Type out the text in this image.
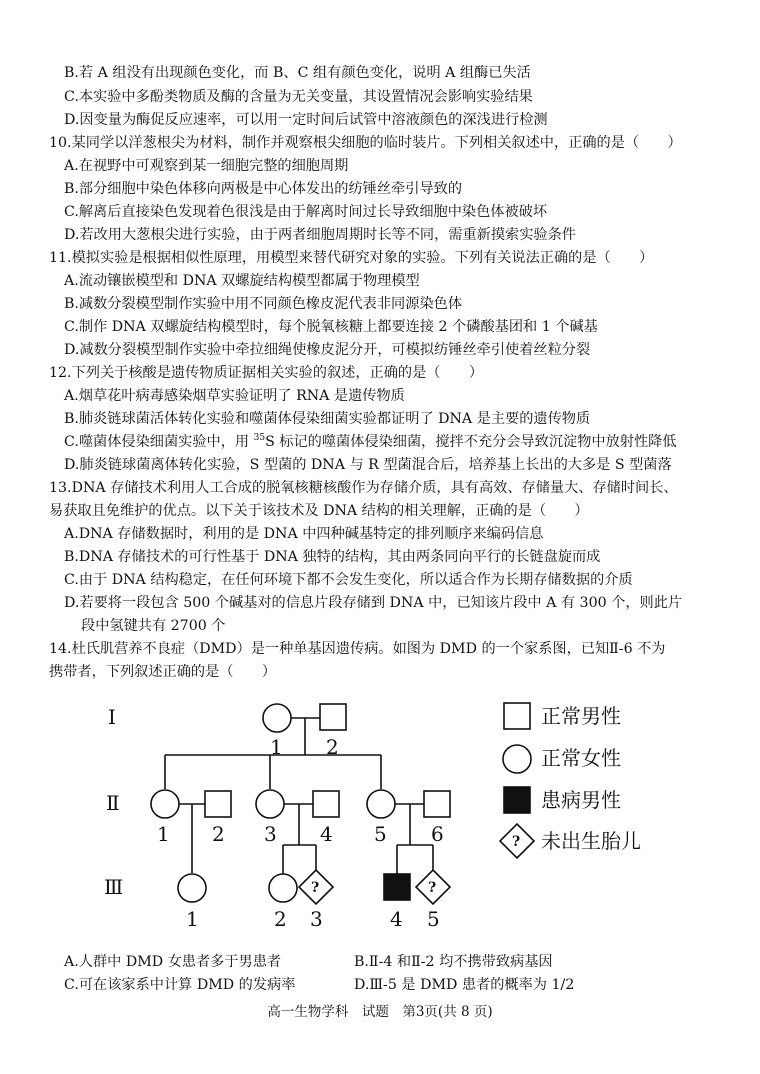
B.若 A 组没有出现颜色变化，而 B、C 组有颜色变化，说明 A 组酶已失活
C.本实验中多酚类物质及酶的含量为无关变量，其设置情况会影响实验结果
D.因变量为酶促反应速率，可以用一定时间后试管中溶液颜色的深浅进行检测
10.某同学以洋葱根尖为材料，制作并观察根尖细胞的临时装片。下列相关叙述中，正确的是（　　）
A.在视野中可观察到某一细胞完整的细胞周期
B.部分细胞中染色体移向两极是中心体发出的纺锤丝牵引导致的
C.解离后直接染色发现着色很浅是由于解离时间过长导致细胞中染色体被破坏
D.若改用大葱根尖进行实验，由于两者细胞周期时长等不同，需重新摸索实验条件
11.模拟实验是根据相似性原理，用模型来替代研究对象的实验。下列有关说法正确的是（　　）
A.流动镶嵌模型和 DNA 双螺旋结构模型都属于物理模型
B.减数分裂模型制作实验中用不同颜色橡皮泥代表非同源染色体
C.制作 DNA 双螺旋结构模型时，每个脱氧核糖上都要连接 2 个磷酸基团和 1 个碱基
D.减数分裂模型制作实验中牵拉细绳使橡皮泥分开，可模拟纺锤丝牵引使着丝粒分裂
12.下列关于核酸是遗传物质证据相关实验的叙述，正确的是（　　）
A.烟草花叶病毒感染烟草实验证明了 RNA 是遗传物质
B.肺炎链球菌活体转化实验和噬菌体侵染细菌实验都证明了 DNA 是主要的遗传物质
C.噬菌体侵染细菌实验中，用 $^{35}$S 标记的噬菌体侵染细菌，搅拌不充分会导致沉淀物中放射性降低
D.肺炎链球菌离体转化实验，S 型菌的 DNA 与 R 型菌混合后，培养基上长出的大多是 S 型菌落
13.DNA 存储技术利用人工合成的脱氧核糖核酸作为存储介质，具有高效、存储量大、存储时间长、
易获取且免维护的优点。以下关于该技术及 DNA 结构的相关理解，正确的是（　　）
A.DNA 存储数据时，利用的是 DNA 中四种碱基特定的排列顺序来编码信息
B.DNA 存储技术的可行性基于 DNA 独特的结构，其由两条同向平行的长链盘旋而成
C.由于 DNA 结构稳定，在任何环境下都不会发生变化，所以适合作为长期存储数据的介质
D.若要将一段包含 500 个碱基对的信息片段存储到 DNA 中，已知该片段中 A 有 300 个，则此片
段中氢键共有 2700 个
14.杜氏肌营养不良症（DMD）是一种单基因遗传病。如图为 DMD 的一个家系图，已知Ⅱ-6 不为
携带者，下列叙述正确的是（　　）
Ⅰ
Ⅱ
Ⅲ
1 2
1 2 3 4 5 6
1	2 3	4 5
?	?
?
正常男性
正常女性
患病男性
未出生胎儿
A.人群中 DMD 女患者多于男患者	B.Ⅱ-4 和Ⅱ-2 均不携带致病基因
C.可在该家系中计算 DMD 的发病率	D.Ⅲ-5 是 DMD 患者的概率为 1/2
高一生物学科　试题　第3页(共 8 页)
